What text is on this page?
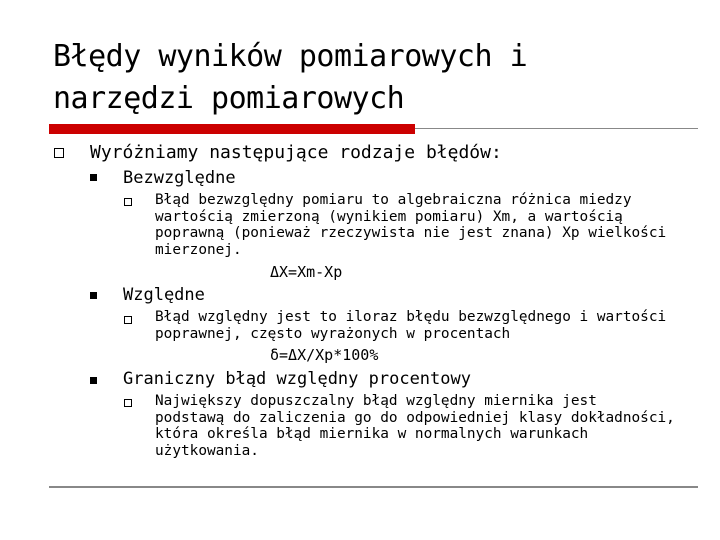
Błędy wyników pomiarowych i
narzędzi pomiarowych
Wyróżniamy następujące rodzaje błędów:
Bezwzględne
Błąd bezwzględny pomiaru to algebraiczna różnica miedzy
wartością zmierzoną (wynikiem pomiaru) Xm, a wartością
poprawną (ponieważ rzeczywista nie jest znana) Xp wielkości
mierzonej.
ΔX=Xm-Xp
Względne
Błąd względny jest to iloraz błędu bezwzględnego i wartości
poprawnej, często wyrażonych w procentach
δ=ΔX/Xp*100%
Graniczny błąd względny procentowy
Największy dopuszczalny błąd względny miernika jest
podstawą do zaliczenia go do odpowiedniej klasy dokładności,
która określa błąd miernika w normalnych warunkach
użytkowania.
